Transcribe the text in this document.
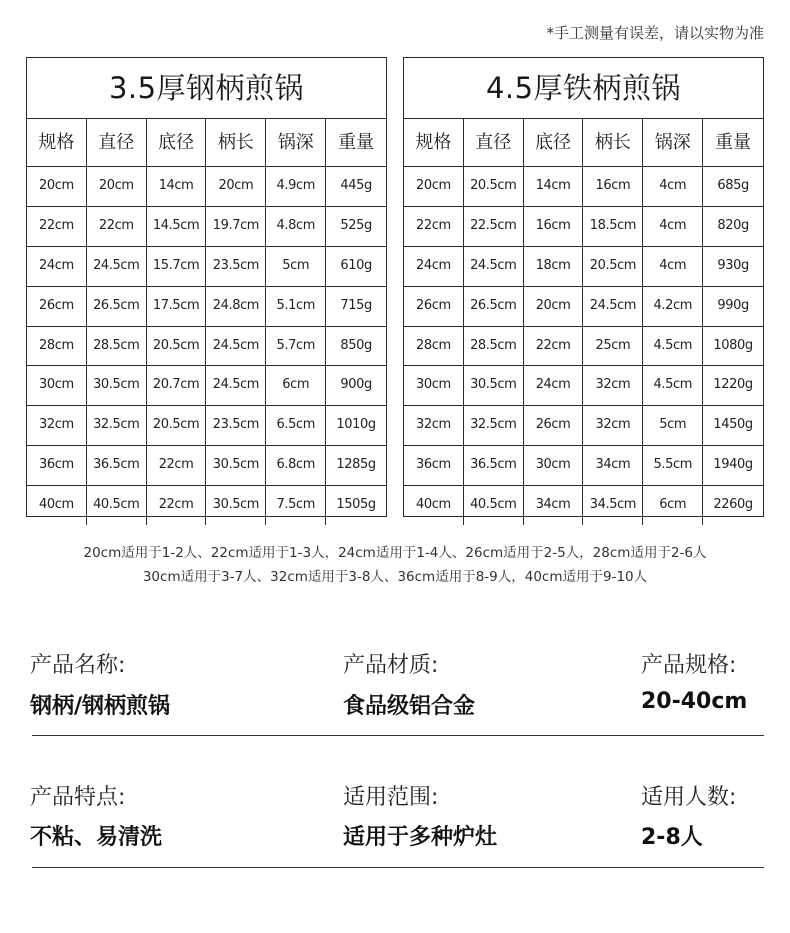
*手工测量有误差，请以实物为准
3.5厚钢柄煎锅
规格	直径	底径	柄长	锅深	重量
20cm	20cm	14cm	20cm	4.9cm	445g
22cm	22cm	14.5cm	19.7cm	4.8cm	525g
24cm	24.5cm	15.7cm	23.5cm	5cm	610g
26cm	26.5cm	17.5cm	24.8cm	5.1cm	715g
28cm	28.5cm	20.5cm	24.5cm	5.7cm	850g
30cm	30.5cm	20.7cm	24.5cm	6cm	900g
32cm	32.5cm	20.5cm	23.5cm	6.5cm	1010g
36cm	36.5cm	22cm	30.5cm	6.8cm	1285g
40cm	40.5cm	22cm	30.5cm	7.5cm	1505g
4.5厚铁柄煎锅
规格	直径	底径	柄长	锅深	重量
20cm	20.5cm	14cm	16cm	4cm	685g
22cm	22.5cm	16cm	18.5cm	4cm	820g
24cm	24.5cm	18cm	20.5cm	4cm	930g
26cm	26.5cm	20cm	24.5cm	4.2cm	990g
28cm	28.5cm	22cm	25cm	4.5cm	1080g
30cm	30.5cm	24cm	32cm	4.5cm	1220g
32cm	32.5cm	26cm	32cm	5cm	1450g
36cm	36.5cm	30cm	34cm	5.5cm	1940g
40cm	40.5cm	34cm	34.5cm	6cm	2260g
20cm适用于1-2人、22cm适用于1-3人，24cm适用于1-4人、26cm适用于2-5人，28cm适用于2-6人
30cm适用于3-7人、32cm适用于3-8人、36cm适用于8-9人，40cm适用于9-10人
产品名称:
钢柄/钢柄煎锅
产品材质:
食品级铝合金
产品规格:
20-40cm
产品特点:
不粘、易清洗
适用范围:
适用于多种炉灶
适用人数:
2-8人
